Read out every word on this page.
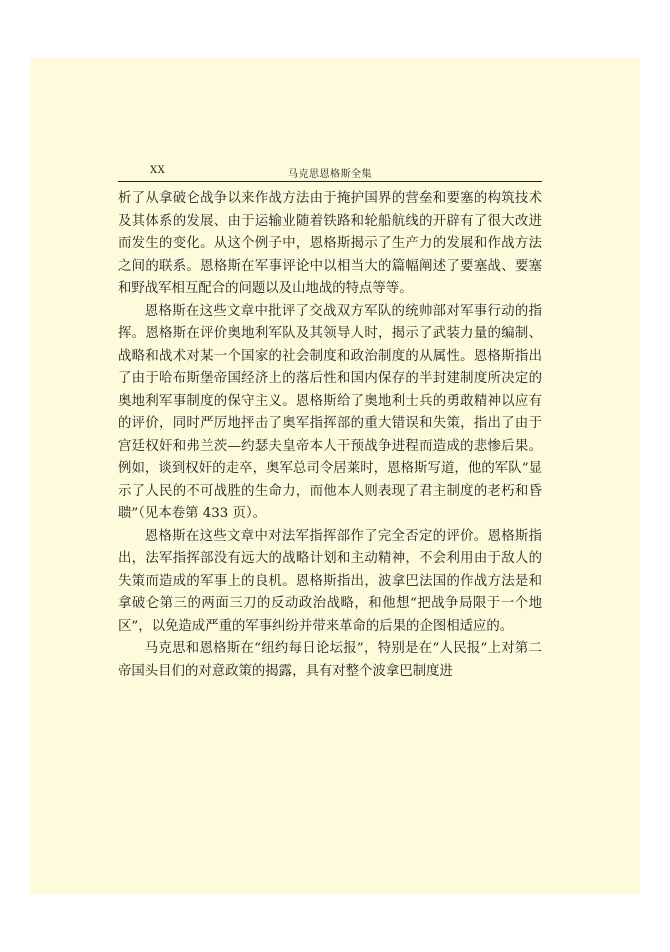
XX	马克思恩格斯全集

析了从拿破仑战争以来作战方法由于掩护国界的营垒和要塞的构筑技术及其体系的发展、由于运输业随着铁路和轮船航线的开辟有了很大改进而发生的变化。从这个例子中，恩格斯揭示了生产力的发展和作战方法之间的联系。恩格斯在军事评论中以相当大的篇幅阐述了要塞战、要塞和野战军相互配合的问题以及山地战的特点等等。

恩格斯在这些文章中批评了交战双方军队的统帅部对军事行动的指挥。恩格斯在评价奥地利军队及其领导人时，揭示了武装力量的编制、战略和战术对某一个国家的社会制度和政治制度的从属性。恩格斯指出了由于哈布斯堡帝国经济上的落后性和国内保存的半封建制度所决定的奥地利军事制度的保守主义。恩格斯给了奥地利士兵的勇敢精神以应有的评价，同时严厉地抨击了奥军指挥部的重大错误和失策，指出了由于宫廷权奸和弗兰茨—约瑟夫皇帝本人干预战争进程而造成的悲惨后果。例如，谈到权奸的走卒，奥军总司令居莱时，恩格斯写道，他的军队“显示了人民的不可战胜的生命力，而他本人则表现了君主制度的老朽和昏聩”（见本卷第 433 页）。

恩格斯在这些文章中对法军指挥部作了完全否定的评价。恩格斯指出，法军指挥部没有远大的战略计划和主动精神，不会利用由于敌人的失策而造成的军事上的良机。恩格斯指出，波拿巴法国的作战方法是和拿破仑第三的两面三刀的反动政治战略，和他想“把战争局限于一个地区”，以免造成严重的军事纠纷并带来革命的后果的企图相适应的。

马克思和恩格斯在“纽约每日论坛报”，特别是在“人民报”上对第二帝国头目们的对意政策的揭露，具有对整个波拿巴制度进
